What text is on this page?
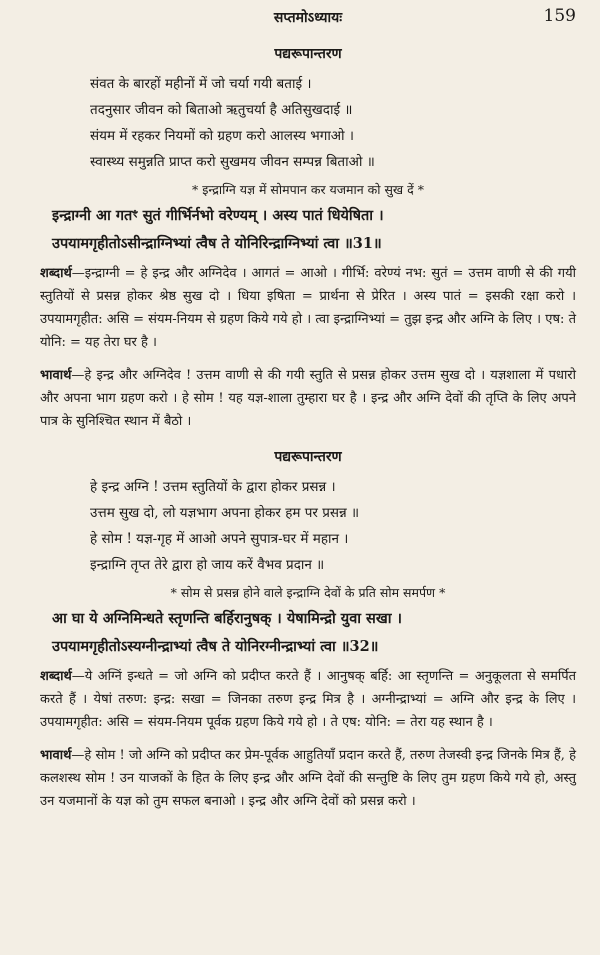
सप्तमोऽध्यायः	159
पद्यरूपान्तरण
संवत के बारहों महीनों में जो चर्या गयी बताई ।
तदनुसार जीवन को बिताओ ऋतुचर्या है अतिसुखदाई ॥
संयम में रहकर नियमों को ग्रहण करो आलस्य भगाओ ।
स्वास्थ्य समुन्नति प्राप्त करो सुखमय जीवन सम्पन्न बिताओ ॥
* इन्द्राग्नि यज्ञ में सोमपान कर यजमान को सुख दें *
इन्द्राग्नी आ गतꣳ सुतं गीर्भिर्नभो वरेण्यम् । अस्य पातं धियेषिता ।
उपयामगृहीतोऽसीन्द्राग्निभ्यां त्वैष ते योनिरिन्द्राग्निभ्यां त्वा ॥31॥

शब्दार्थ—इन्द्राग्नी = हे इन्द्र और अग्निदेव । आगतं = आओ । गीर्भि: वरेण्यं नभ: सुतं = उत्तम वाणी से की गयी स्तुतियों से प्रसन्न होकर श्रेष्ठ सुख दो । धिया इषिता = प्रार्थना से प्रेरित । अस्य पातं = इसकी रक्षा करो । उपयामगृहीत: असि = संयम-नियम से ग्रहण किये गये हो । त्वा इन्द्राग्निभ्यां = तुझ इन्द्र और अग्नि के लिए । एष: ते योनि: = यह तेरा घर है ।

भावार्थ—हे इन्द्र और अग्निदेव ! उत्तम वाणी से की गयी स्तुति से प्रसन्न होकर उत्तम सुख दो । यज्ञशाला में पधारो और अपना भाग ग्रहण करो । हे सोम ! यह यज्ञ-शाला तुम्हारा घर है । इन्द्र और अग्नि देवों की तृप्ति के लिए अपने पात्र के सुनिश्चित स्थान में बैठो ।

पद्यरूपान्तरण
हे इन्द्र अग्नि ! उत्तम स्तुतियों के द्वारा होकर प्रसन्न ।
उत्तम सुख दो, लो यज्ञभाग अपना होकर हम पर प्रसन्न ॥
हे सोम ! यज्ञ-गृह में आओ अपने सुपात्र-घर में महान ।
इन्द्राग्नि तृप्त तेरे द्वारा हो जाय करें वैभव प्रदान ॥
* सोम से प्रसन्न होने वाले इन्द्राग्नि देवों के प्रति सोम समर्पण *
आ घा ये अग्निमिन्धते स्तृणन्ति बर्हिरानुषक् । येषामिन्द्रो युवा सखा ।
उपयामगृहीतोऽस्यग्नीन्द्राभ्यां त्वैष ते योनिरग्नीन्द्राभ्यां त्वा ॥32॥

शब्दार्थ—ये अग्निं इन्धते = जो अग्नि को प्रदीप्त करते हैं । आनुषक् बर्हि: आ स्तृणन्ति = अनुकूलता से समर्पित करते हैं । येषां तरुण: इन्द्र: सखा = जिनका तरुण इन्द्र मित्र है । अग्नीन्द्राभ्यां = अग्नि और इन्द्र के लिए । उपयामगृहीत: असि = संयम-नियम पूर्वक ग्रहण किये गये हो । ते एष: योनि: = तेरा यह स्थान है ।

भावार्थ—हे सोम ! जो अग्नि को प्रदीप्त कर प्रेम-पूर्वक आहुतियाँ प्रदान करते हैं, तरुण तेजस्वी इन्द्र जिनके मित्र हैं, हे कलशस्थ सोम ! उन याजकों के हित के लिए इन्द्र और अग्नि देवों की सन्तुष्टि के लिए तुम ग्रहण किये गये हो, अस्तु उन यजमानों के यज्ञ को तुम सफल बनाओ । इन्द्र और अग्नि देवों को प्रसन्न करो ।
